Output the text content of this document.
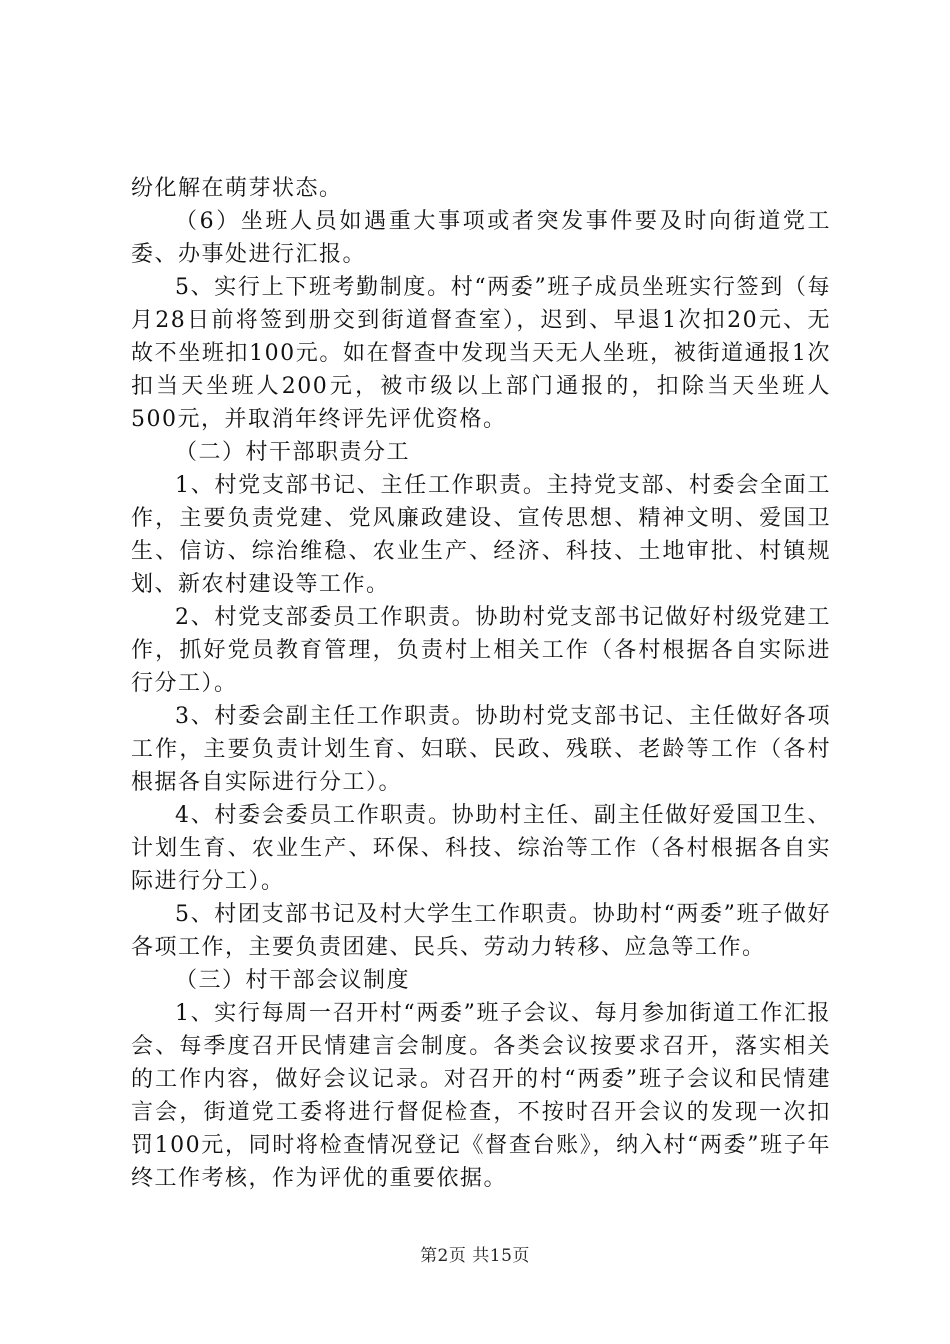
纷化解在萌芽状态。

（6）坐班人员如遇重大事项或者突发事件要及时向街道党工委、办事处进行汇报。

5、实行上下班考勤制度。村“两委”班子成员坐班实行签到（每月28日前将签到册交到街道督查室），迟到、早退1次扣20元、无故不坐班扣100元。如在督查中发现当天无人坐班，被街道通报1次扣当天坐班人200元，被市级以上部门通报的，扣除当天坐班人500元，并取消年终评先评优资格。

（二）村干部职责分工

1、村党支部书记、主任工作职责。主持党支部、村委会全面工作，主要负责党建、党风廉政建设、宣传思想、精神文明、爱国卫生、信访、综治维稳、农业生产、经济、科技、土地审批、村镇规划、新农村建设等工作。

2、村党支部委员工作职责。协助村党支部书记做好村级党建工作，抓好党员教育管理，负责村上相关工作（各村根据各自实际进行分工）。

3、村委会副主任工作职责。协助村党支部书记、主任做好各项工作，主要负责计划生育、妇联、民政、残联、老龄等工作（各村根据各自实际进行分工）。

4、村委会委员工作职责。协助村主任、副主任做好爱国卫生、计划生育、农业生产、环保、科技、综治等工作（各村根据各自实际进行分工）。

5、村团支部书记及村大学生工作职责。协助村“两委”班子做好各项工作，主要负责团建、民兵、劳动力转移、应急等工作。

（三）村干部会议制度

1、实行每周一召开村“两委”班子会议、每月参加街道工作汇报会、每季度召开民情建言会制度。各类会议按要求召开，落实相关的工作内容，做好会议记录。对召开的村“两委”班子会议和民情建言会，街道党工委将进行督促检查，不按时召开会议的发现一次扣罚100元，同时将检查情况登记《督查台账》，纳入村“两委”班子年终工作考核，作为评优的重要依据。

第2页 共15页
